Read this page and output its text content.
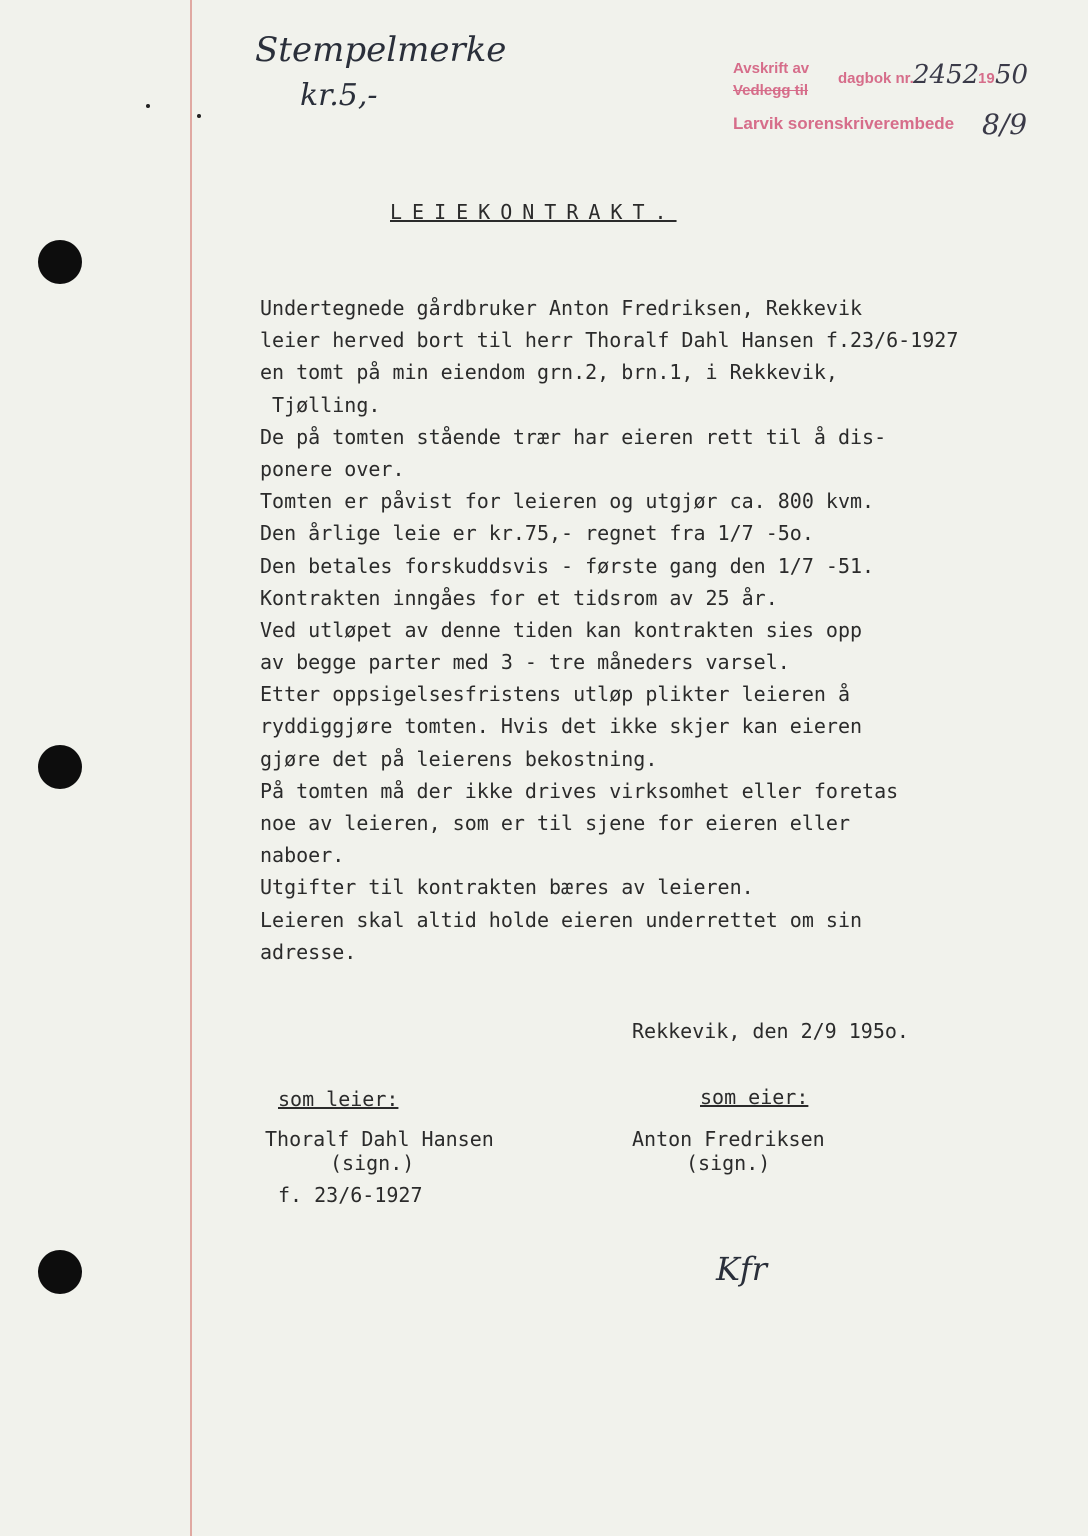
Stempelmerke
kr.5,-
Avskrift av
Vedlegg til
dagbok nr. 2452
19 50
Larvik sorenskriverembede 8/9
LEIEKONTRAKT.
Undertegnede gårdbruker Anton Fredriksen, Rekkevik
leier herved bort til herr Thoralf Dahl Hansen f.23/6-1927
en tomt på min eiendom grn.2, brn.1, i Rekkevik,
Tjølling.
De på tomten stående trær har eieren rett til å dis-
ponere over.
Tomten er påvist for leieren og utgjør ca. 800 kvm.
Den årlige leie er kr.75,- regnet fra 1/7 -5o.
Den betales forskuddsvis - første gang den 1/7 -51.
Kontrakten inngåes for et tidsrom av 25 år.
Ved utløpet av denne tiden kan kontrakten sies opp
av begge parter med 3 - tre måneders varsel.
Etter oppsigelsesfristens utløp plikter leieren å
ryddiggjøre tomten. Hvis det ikke skjer kan eieren
gjøre det på leierens bekostning.
På tomten må der ikke drives virksomhet eller foretas
noe av leieren, som er til sjene for eieren eller
naboer.
Utgifter til kontrakten bæres av leieren.
Leieren skal altid holde eieren underrettet om sin
adresse.
Rekkevik, den 2/9 195o.
som leier:
Thoralf Dahl Hansen
(sign.)
f. 23/6-1927
som eier:
Anton Fredriksen
(sign.)
Kfr
